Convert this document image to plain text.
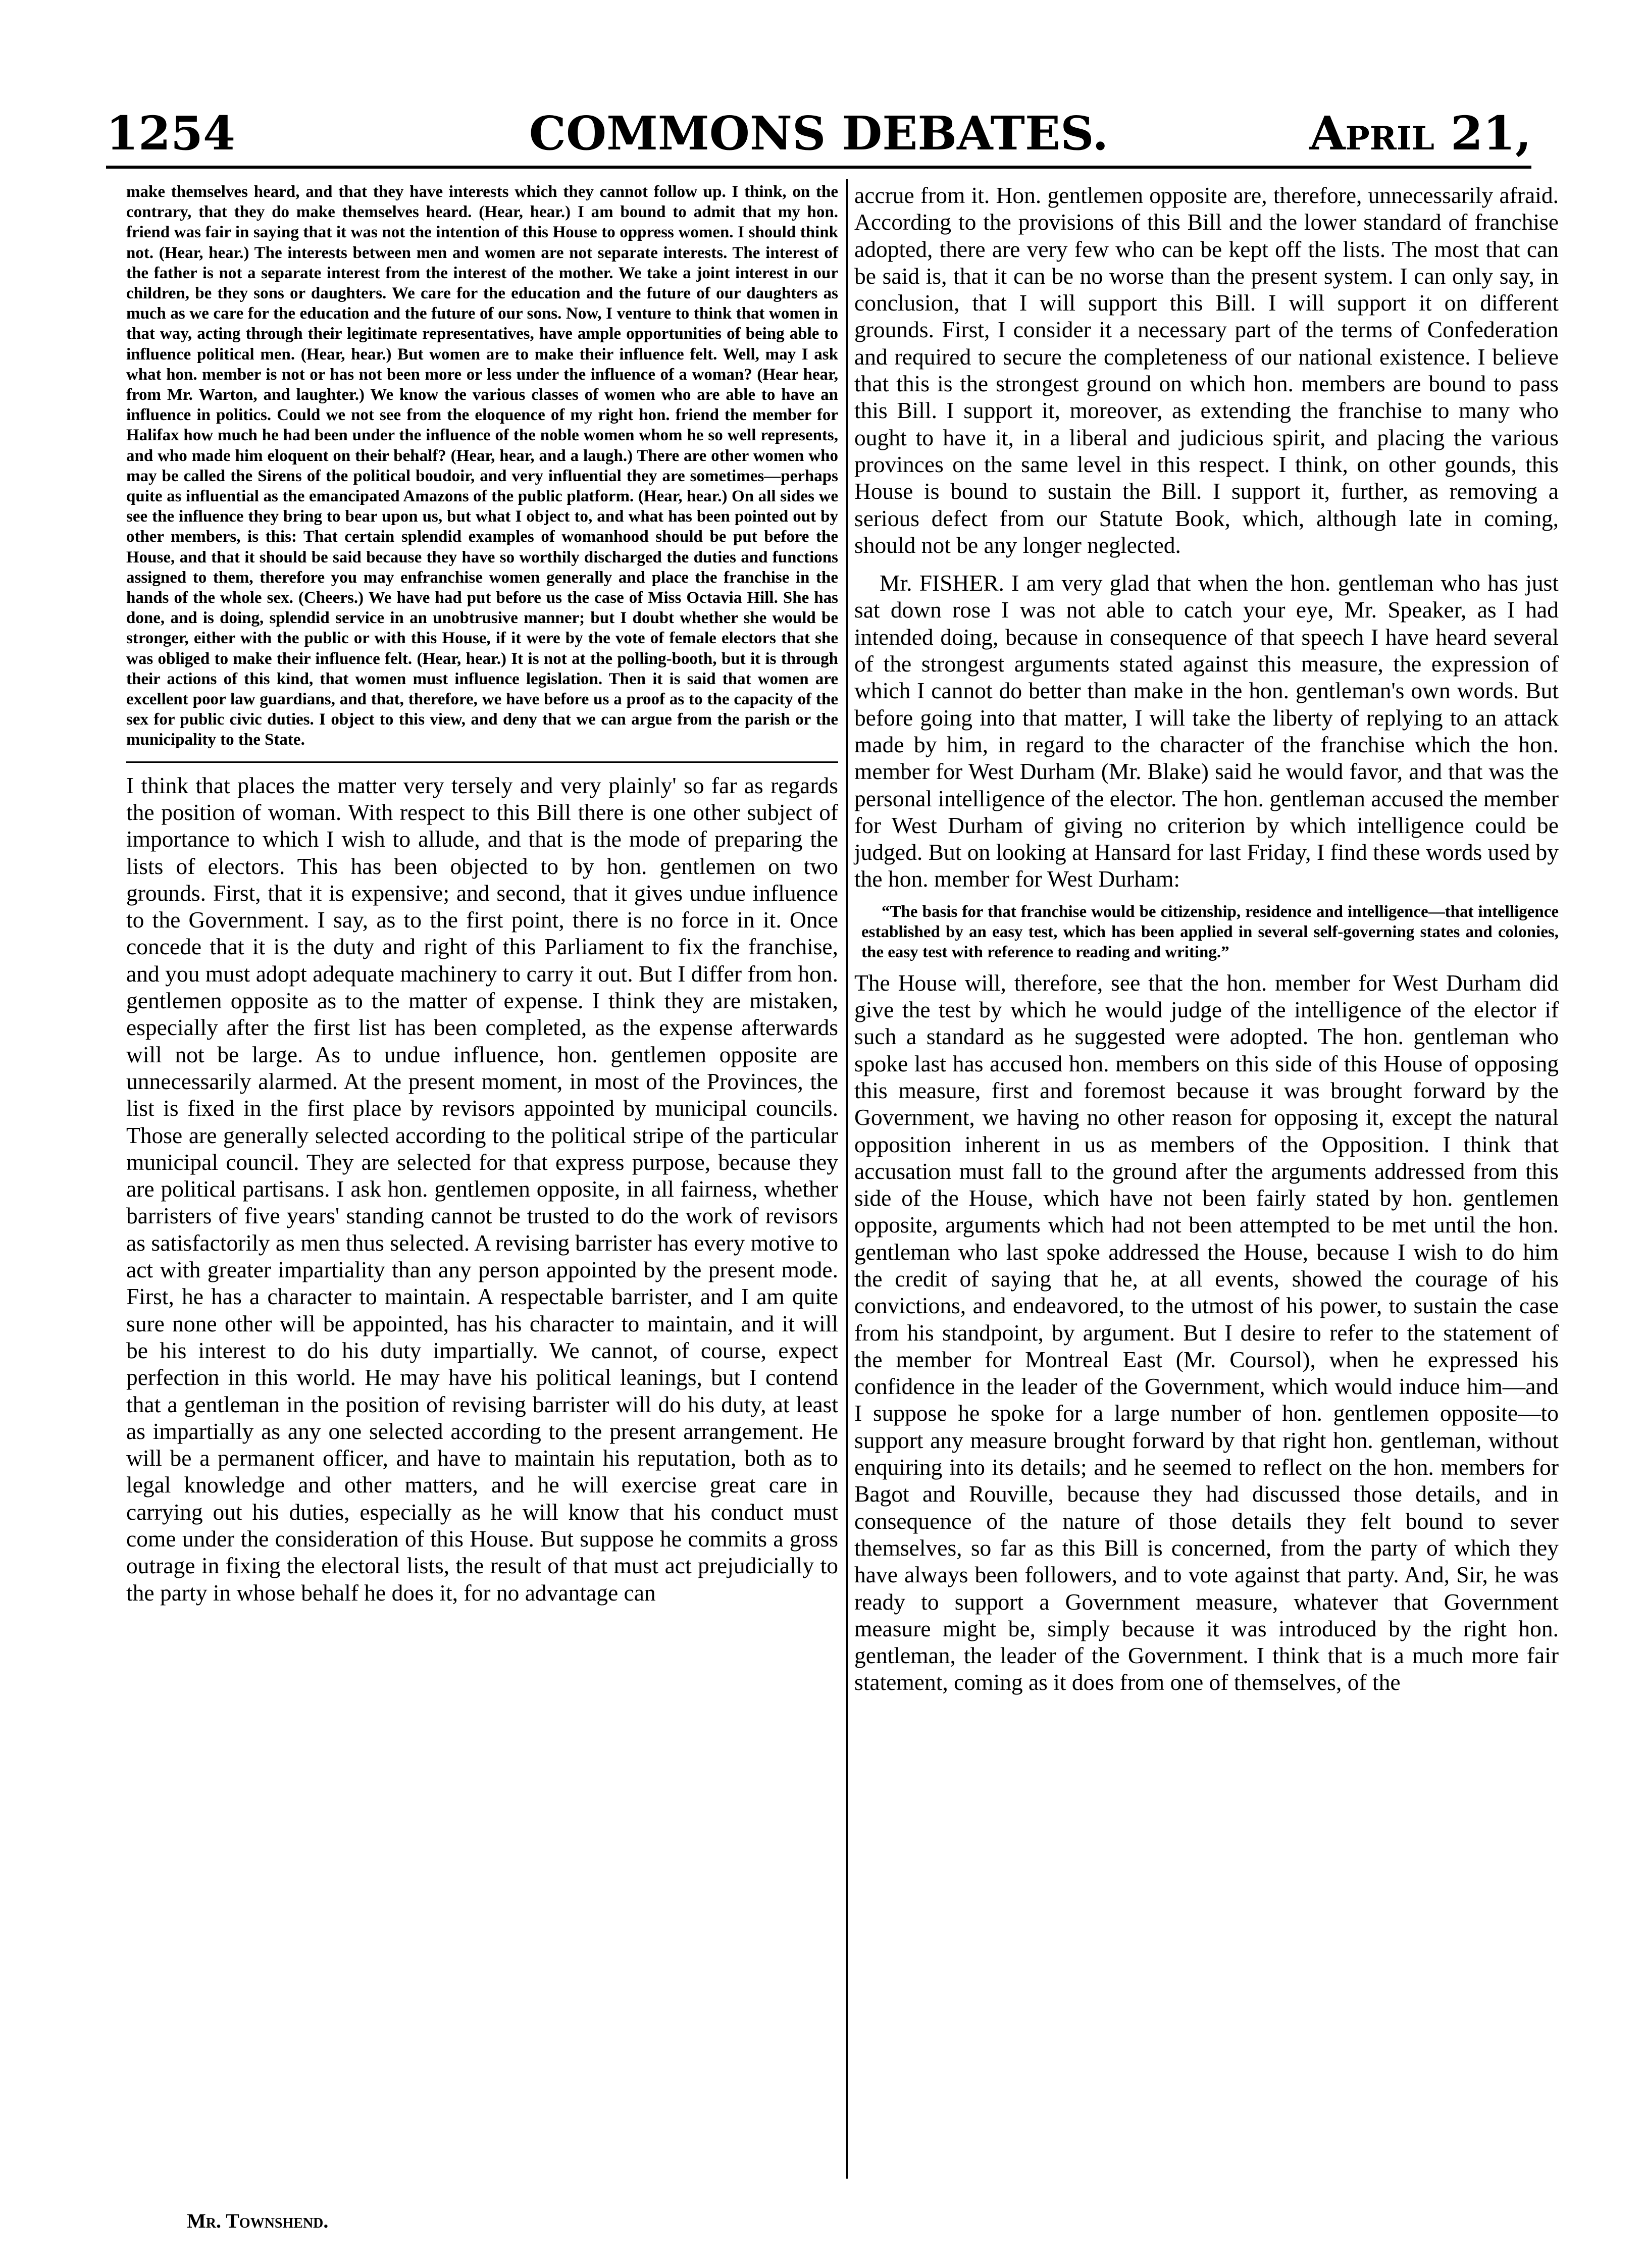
1254	COMMONS DEBATES.	April 21,

make themselves heard, and that they have interests which they cannot follow up. I think, on the contrary, that they do make themselves heard. (Hear, hear.) I am bound to admit that my hon. friend was fair in saying that it was not the intention of this House to oppress women. I should think not. (Hear, hear.) The interests between men and women are not separate interests. The interest of the father is not a separate interest from the interest of the mother. We take a joint interest in our children, be they sons or daughters. We care for the education and the future of our daughters as much as we care for the education and the future of our sons. Now, I venture to think that women in that way, acting through their legitimate representatives, have ample opportunities of being able to influence political men. (Hear, hear.) But women are to make their influence felt. Well, may I ask what hon. member is not or has not been more or less under the influence of a woman? (Hear hear, from Mr. Warton, and laughter.) We know the various classes of women who are able to have an influence in politics. Could we not see from the eloquence of my right hon. friend the member for Halifax how much he had been under the influence of the noble women whom he so well represents, and who made him eloquent on their behalf? (Hear, hear, and a laugh.) There are other women who may be called the Sirens of the political boudoir, and very influential they are sometimes—perhaps quite as influential as the emancipated Amazons of the public platform. (Hear, hear.) On all sides we see the influence they bring to bear upon us, but what I object to, and what has been pointed out by other members, is this: That certain splendid examples of womanhood should be put before the House, and that it should be said because they have so worthily discharged the duties and functions assigned to them, therefore you may enfranchise women generally and place the franchise in the hands of the whole sex. (Cheers.) We have had put before us the case of Miss Octavia Hill. She has done, and is doing, splendid service in an unobtrusive manner; but I doubt whether she would be stronger, either with the public or with this House, if it were by the vote of female electors that she was obliged to make their influence felt. (Hear, hear.) It is not at the polling-booth, but it is through their actions of this kind, that women must influence legislation. Then it is said that women are excellent poor law guardians, and that, therefore, we have before us a proof as to the capacity of the sex for public civic duties. I object to this view, and deny that we can argue from the parish or the municipality to the State.

I think that places the matter very tersely and very plainly' so far as regards the position of woman. With respect to this Bill there is one other subject of importance to which I wish to allude, and that is the mode of preparing the lists of electors. This has been objected to by hon. gentlemen on two grounds. First, that it is expensive; and second, that it gives undue influence to the Government. I say, as to the first point, there is no force in it. Once concede that it is the duty and right of this Parliament to fix the franchise, and you must adopt adequate machinery to carry it out. But I differ from hon. gentlemen opposite as to the matter of expense. I think they are mistaken, especially after the first list has been completed, as the expense afterwards will not be large. As to undue influence, hon. gentlemen opposite are unnecessarily alarmed. At the present moment, in most of the Provinces, the list is fixed in the first place by revisors appointed by municipal councils. Those are generally selected according to the political stripe of the particular municipal council. They are selected for that express purpose, because they are political partisans. I ask hon. gentlemen opposite, in all fairness, whether barristers of five years' standing cannot be trusted to do the work of revisors as satisfactorily as men thus selected. A revising barrister has every motive to act with greater impartiality than any person appointed by the present mode. First, he has a character to maintain. A respectable barrister, and I am quite sure none other will be appointed, has his character to maintain, and it will be his interest to do his duty impartially. We cannot, of course, expect perfection in this world. He may have his political leanings, but I contend that a gentleman in the position of revising barrister will do his duty, at least as impartially as any one selected according to the present arrangement. He will be a permanent officer, and have to maintain his reputation, both as to legal knowledge and other matters, and he will exercise great care in carrying out his duties, especially as he will know that his conduct must come under the consideration of this House. But suppose he commits a gross outrage in fixing the electoral lists, the result of that must act prejudicially to the party in whose behalf he does it, for no advantage can

accrue from it. Hon. gentlemen opposite are, therefore, unnecessarily afraid. According to the provisions of this Bill and the lower standard of franchise adopted, there are very few who can be kept off the lists. The most that can be said is, that it can be no worse than the present system. I can only say, in conclusion, that I will support this Bill. I will support it on different grounds. First, I consider it a necessary part of the terms of Confederation and required to secure the completeness of our national existence. I believe that this is the strongest ground on which hon. members are bound to pass this Bill. I support it, moreover, as extending the franchise to many who ought to have it, in a liberal and judicious spirit, and placing the various provinces on the same level in this respect. I think, on other gounds, this House is bound to sustain the Bill. I support it, further, as removing a serious defect from our Statute Book, which, although late in coming, should not be any longer neglected.

Mr. FISHER. I am very glad that when the hon. gentleman who has just sat down rose I was not able to catch your eye, Mr. Speaker, as I had intended doing, because in consequence of that speech I have heard several of the strongest arguments stated against this measure, the expression of which I cannot do better than make in the hon. gentleman's own words. But before going into that matter, I will take the liberty of replying to an attack made by him, in regard to the character of the franchise which the hon. member for West Durham (Mr. Blake) said he would favor, and that was the personal intelligence of the elector. The hon. gentleman accused the member for West Durham of giving no criterion by which intelligence could be judged. But on looking at Hansard for last Friday, I find these words used by the hon. member for West Durham:

“The basis for that franchise would be citizenship, residence and intelligence—that intelligence established by an easy test, which has been applied in several self-governing states and colonies, the easy test with reference to reading and writing.”

The House will, therefore, see that the hon. member for West Durham did give the test by which he would judge of the intelligence of the elector if such a standard as he suggested were adopted. The hon. gentleman who spoke last has accused hon. members on this side of this House of opposing this measure, first and foremost because it was brought forward by the Government, we having no other reason for opposing it, except the natural opposition inherent in us as members of the Opposition. I think that accusation must fall to the ground after the arguments addressed from this side of the House, which have not been fairly stated by hon. gentlemen opposite, arguments which had not been attempted to be met until the hon. gentleman who last spoke addressed the House, because I wish to do him the credit of saying that he, at all events, showed the courage of his convictions, and endeavored, to the utmost of his power, to sustain the case from his standpoint, by argument. But I desire to refer to the statement of the member for Montreal East (Mr. Coursol), when he expressed his confidence in the leader of the Government, which would induce him—and I suppose he spoke for a large number of hon. gentlemen opposite—to support any measure brought forward by that right hon. gentleman, without enquiring into its details; and he seemed to reflect on the hon. members for Bagot and Rouville, because they had discussed those details, and in consequence of the nature of those details they felt bound to sever themselves, so far as this Bill is concerned, from the party of which they have always been followers, and to vote against that party. And, Sir, he was ready to support a Government measure, whatever that Government measure might be, simply because it was introduced by the right hon. gentleman, the leader of the Government. I think that is a much more fair statement, coming as it does from one of themselves, of the

Mr. Townshend.
